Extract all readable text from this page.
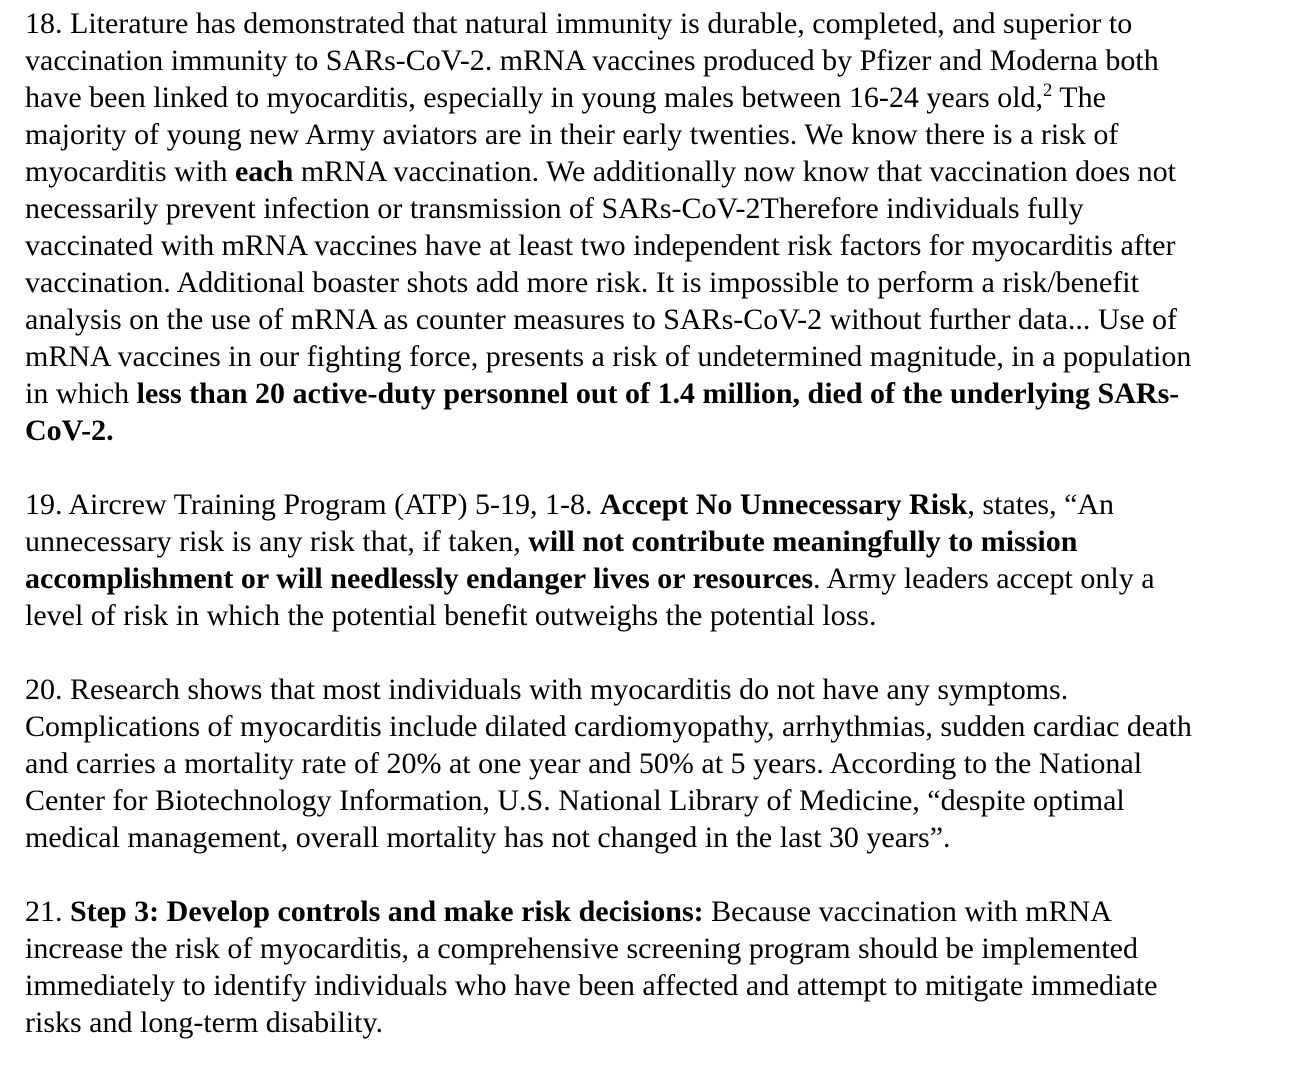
18. Literature has demonstrated that natural immunity is durable, completed, and superior to
vaccination immunity to SARs-CoV-2. mRNA vaccines produced by Pfizer and Moderna both
have been linked to myocarditis, especially in young males between 16-24 years old,$^2$ The
majority of young new Army aviators are in their early twenties. We know there is a risk of
myocarditis with each mRNA vaccination. We additionally now know that vaccination does not
necessarily prevent infection or transmission of SARs-CoV-2Therefore individuals fully
vaccinated with mRNA vaccines have at least two independent risk factors for myocarditis after
vaccination. Additional boaster shots add more risk. It is impossible to perform a risk/benefit
analysis on the use of mRNA as counter measures to SARs-CoV-2 without further data... Use of
mRNA vaccines in our fighting force, presents a risk of undetermined magnitude, in a population
in which less than 20 active-duty personnel out of 1.4 million, died of the underlying SARs-
CoV-2.
19. Aircrew Training Program (ATP) 5-19, 1-8. Accept No Unnecessary Risk, states, “An
unnecessary risk is any risk that, if taken, will not contribute meaningfully to mission
accomplishment or will needlessly endanger lives or resources. Army leaders accept only a
level of risk in which the potential benefit outweighs the potential loss.
20. Research shows that most individuals with myocarditis do not have any symptoms.
Complications of myocarditis include dilated cardiomyopathy, arrhythmias, sudden cardiac death
and carries a mortality rate of 20% at one year and 50% at 5 years. According to the National
Center for Biotechnology Information, U.S. National Library of Medicine, “despite optimal
medical management, overall mortality has not changed in the last 30 years”.
21. Step 3: Develop controls and make risk decisions: Because vaccination with mRNA
increase the risk of myocarditis, a comprehensive screening program should be implemented
immediately to identify individuals who have been affected and attempt to mitigate immediate
risks and long-term disability.
